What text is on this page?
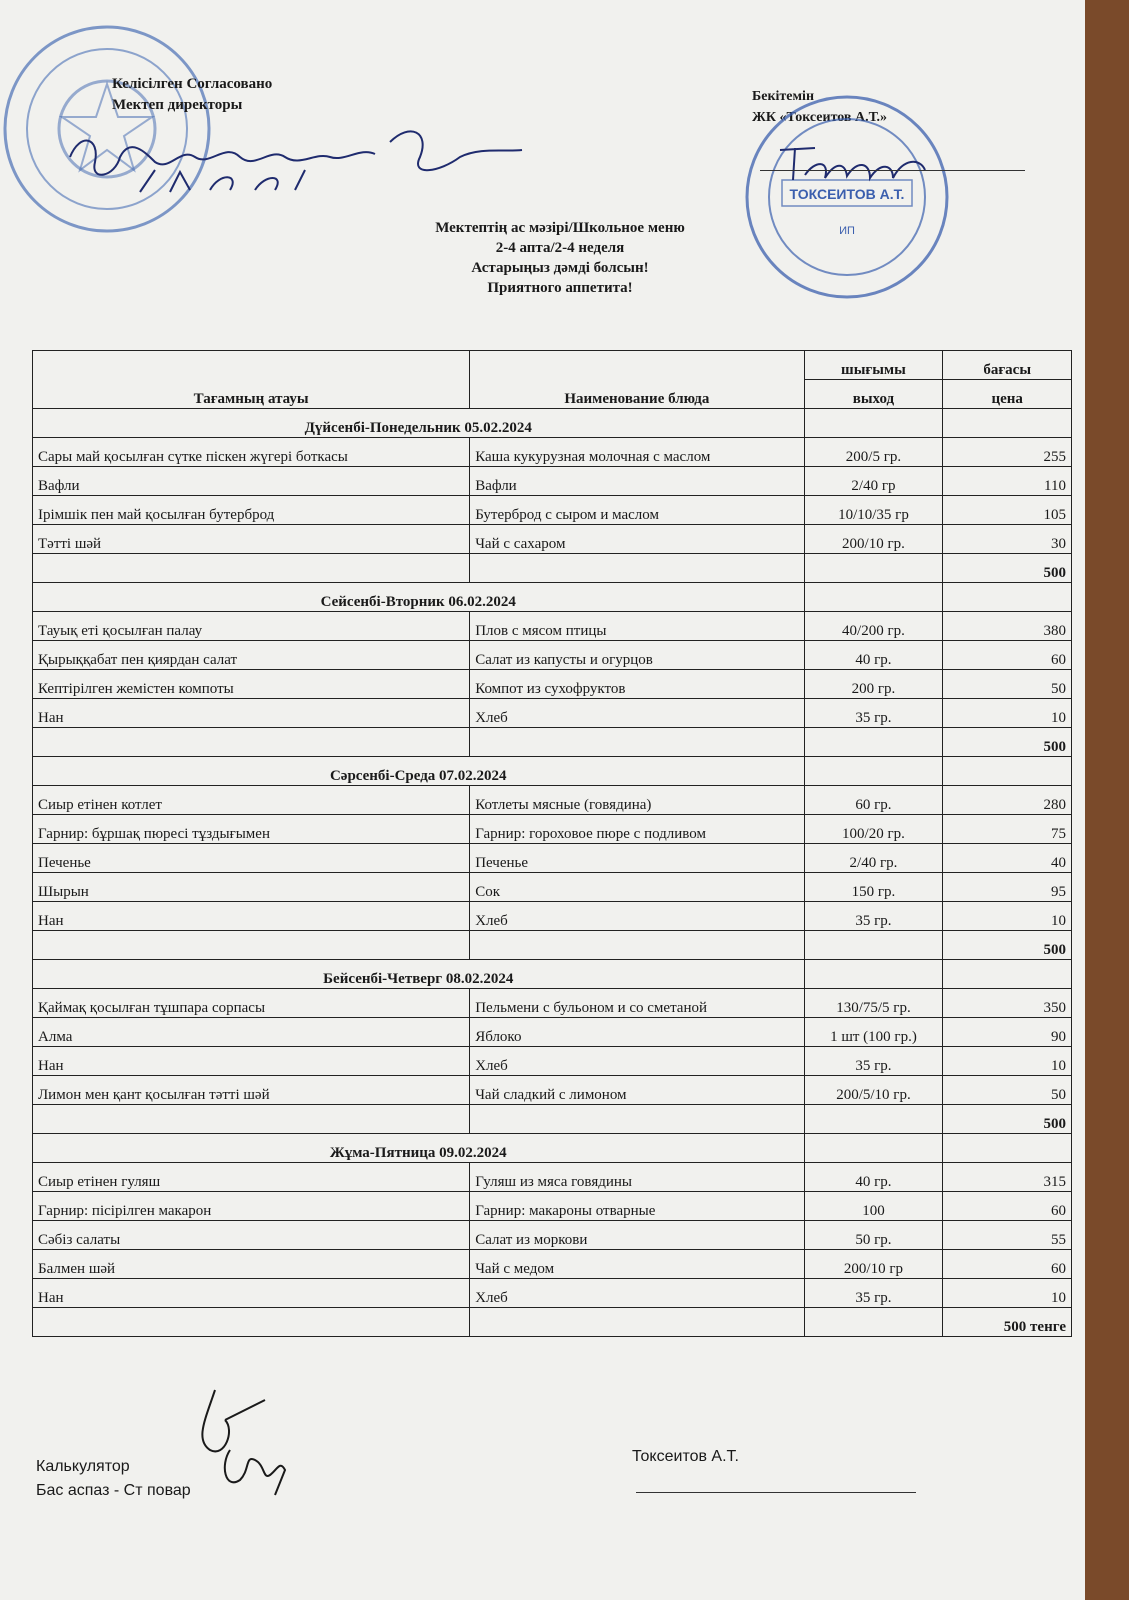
Келісілген Согласовано
Мектеп директоры
Бекітемін
ЖК «Токсеитов А.Т.»
ТОКСЕИТОВ А.Т.
ИП
Мектептің ас мәзірі/Школьное меню
2-4 апта/2-4 неделя
Астарыңыз дәмді болсын!
Приятного аппетита!
Тағамның атауы	Наименование блюда	шығымы	бағасы
		выход	цена
Дүйсенбі-Понедельник 05.02.2024			
Сары май қосылған сүтке піскен жүгері боткасы	Каша кукурузная молочная с маслом	200/5 гр.	255
Вафли	Вафли	2/40 гр	110
Ірімшік пен май қосылған бутерброд	Бутерброд с сыром и маслом	10/10/35 гр	105
Тәтті шәй	Чай с сахаром	200/10 гр.	30
			500
Сейсенбі-Вторник 06.02.2024			
Тауық еті қосылған палау	Плов с мясом птицы	40/200 гр.	380
Қырыққабат пен қиярдан салат	Салат из капусты и огурцов	40 гр.	60
Кептірілген жемістен компоты	Компот из сухофруктов	200 гр.	50
Нан	Хлеб	35 гр.	10
			500
Сәрсенбі-Среда 07.02.2024			
Сиыр етінен котлет	Котлеты мясные (говядина)	60 гр.	280
Гарнир: бұршақ пюресі тұздығымен	Гарнир: гороховое пюре с подливом	100/20 гр.	75
Печенье	Печенье	2/40 гр.	40
Шырын	Сок	150 гр.	95
Нан	Хлеб	35 гр.	10
			500
Бейсенбі-Четверг 08.02.2024			
Қаймақ қосылған тұшпара сорпасы	Пельмени с бульоном и со сметаной	130/75/5 гр.	350
Алма	Яблоко	1 шт (100 гр.)	90
Нан	Хлеб	35 гр.	10
Лимон мен қант қосылған тәтті шәй	Чай сладкий с лимоном	200/5/10 гр.	50
			500
Жұма-Пятница 09.02.2024			
Сиыр етінен гуляш	Гуляш из мяса говядины	40 гр.	315
Гарнир: пісірілген макарон	Гарнир: макароны отварные	100	60
Сәбіз салаты	Салат из моркови	50 гр.	55
Балмен шәй	Чай с медом	200/10 гр	60
Нан	Хлеб	35 гр.	10
			500 тенге
Калькулятор
Бас аспаз - Ст повар
Токсеитов А.Т.
